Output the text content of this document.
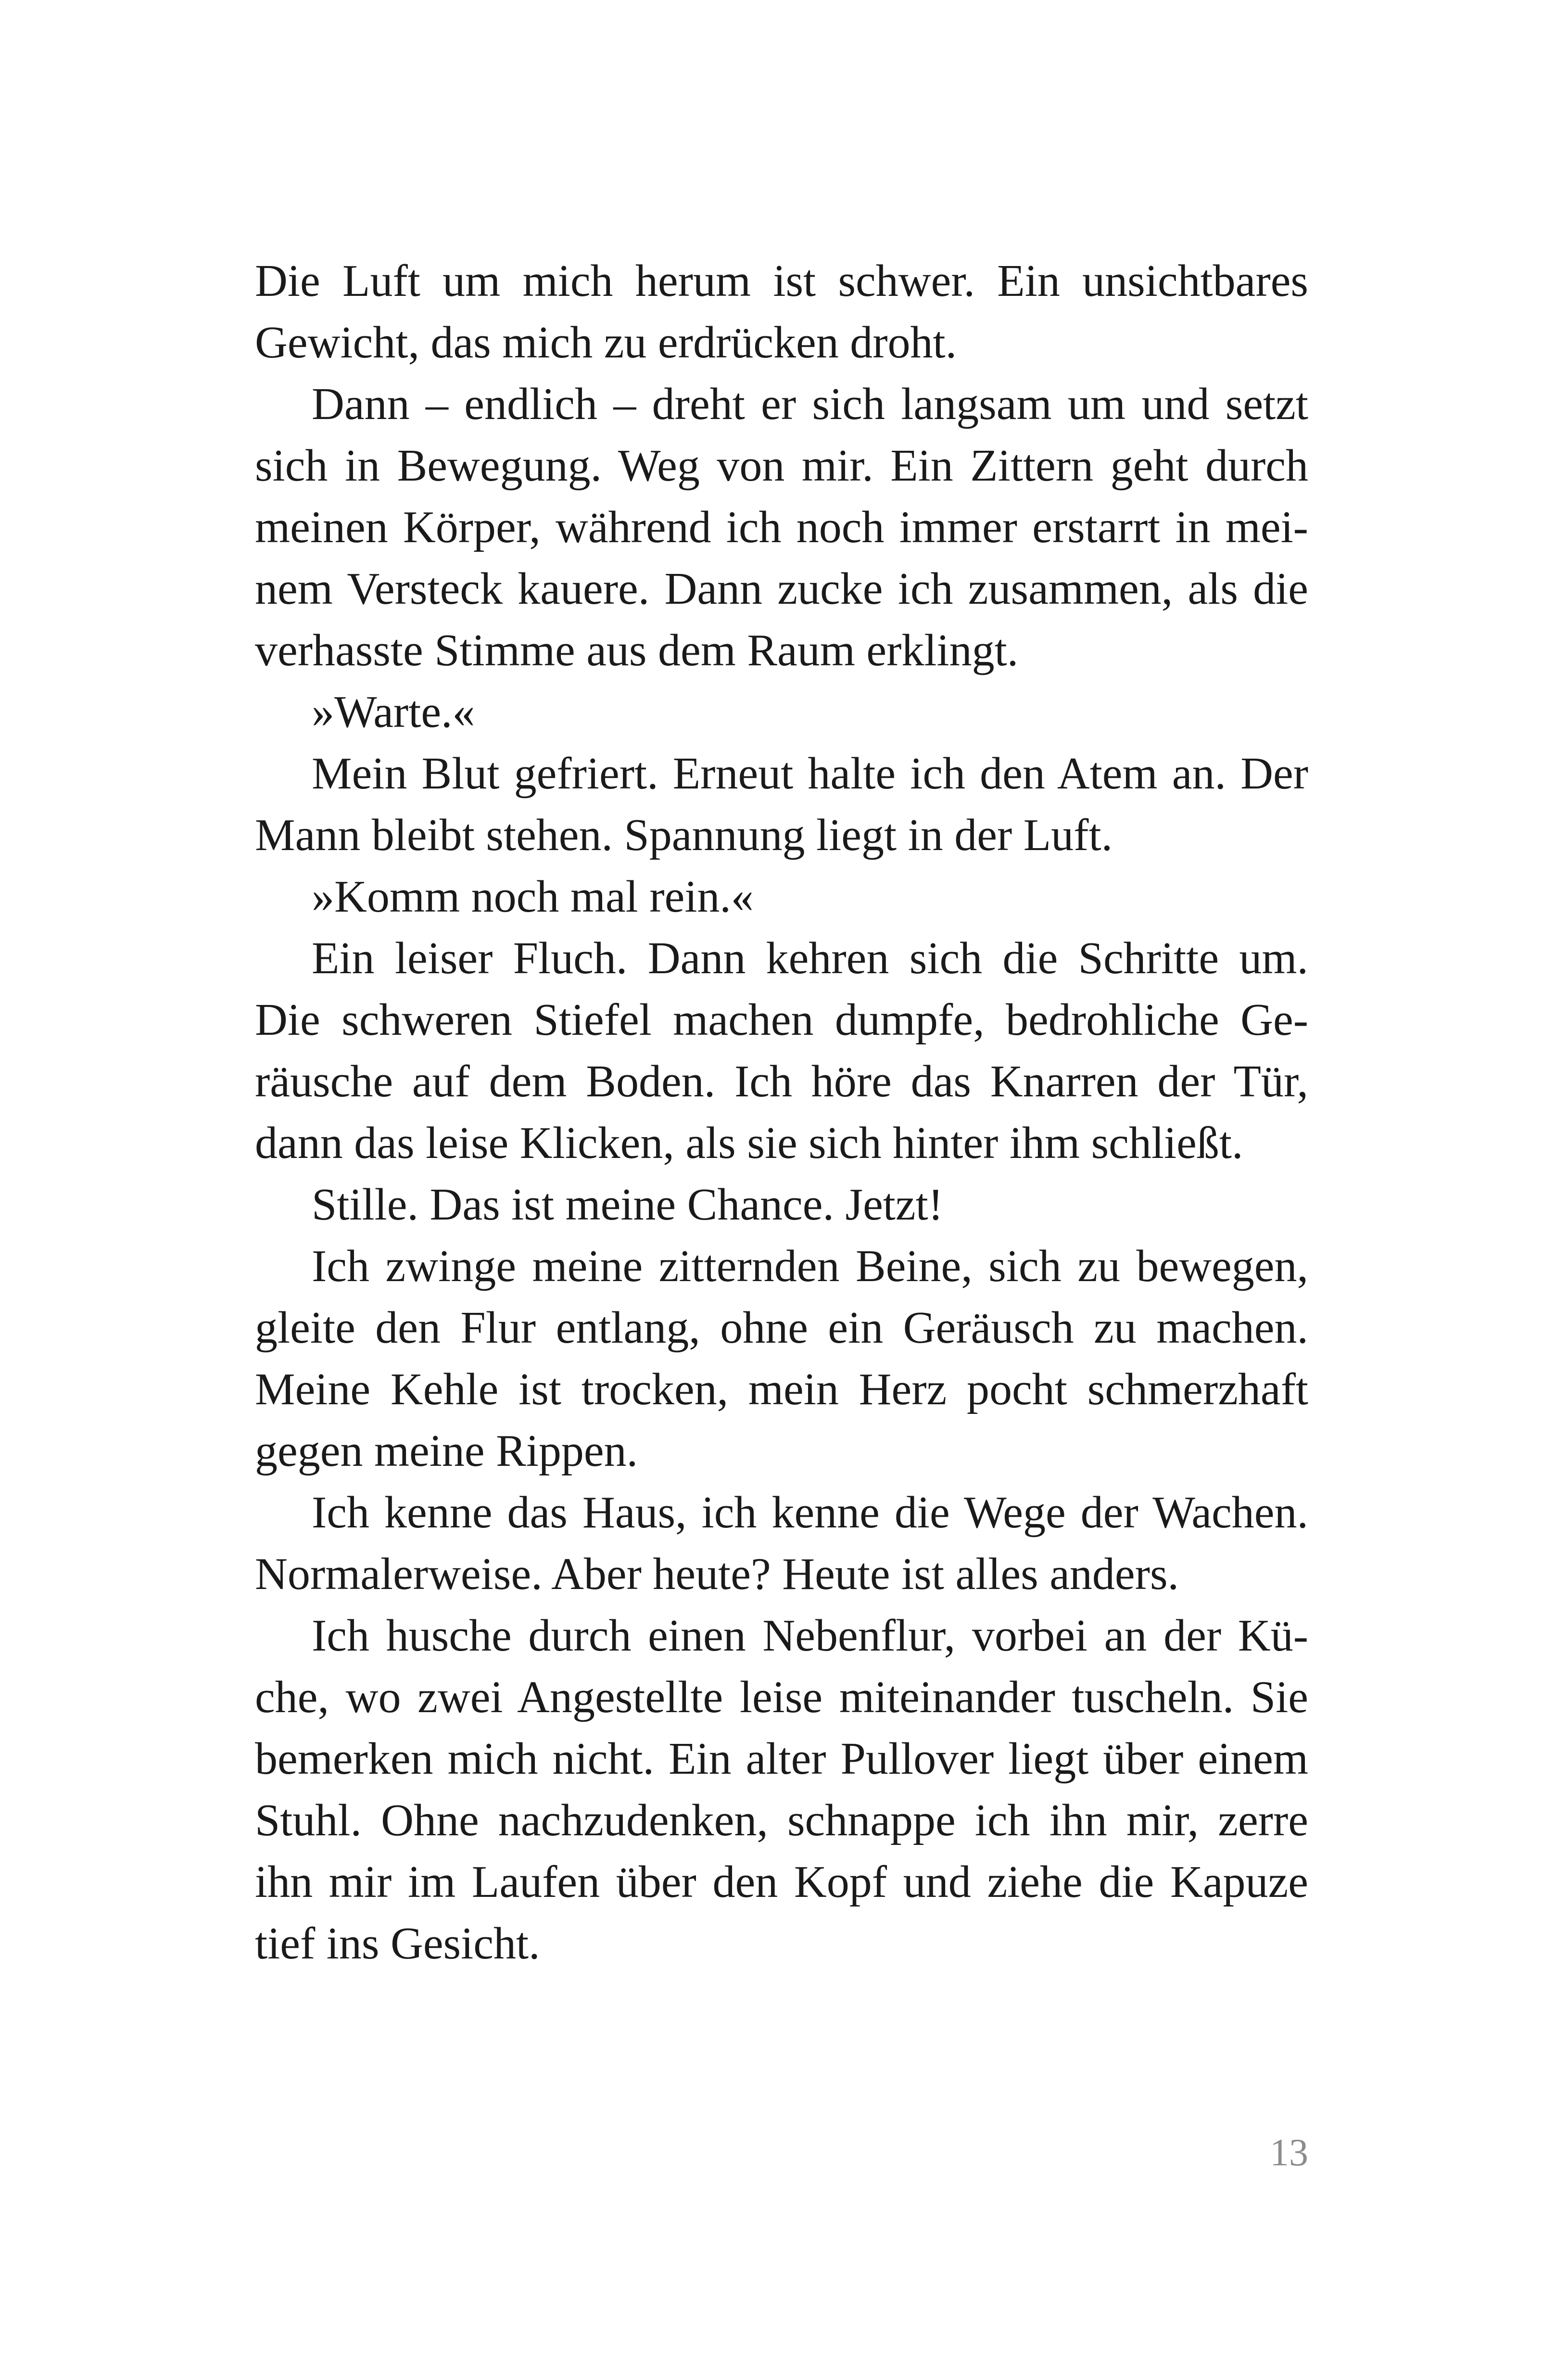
Die Luft um mich herum ist schwer. Ein unsichtbares
Gewicht, das mich zu erdrücken droht.
Dann – endlich – dreht er sich langsam um und setzt
sich in Bewegung. Weg von mir. Ein Zittern geht durch
meinen Körper, während ich noch immer erstarrt in mei-
nem Versteck kauere. Dann zucke ich zusammen, als die
verhasste Stimme aus dem Raum erklingt.
»Warte.«
Mein Blut gefriert. Erneut halte ich den Atem an. Der
Mann bleibt stehen. Spannung liegt in der Luft.
»Komm noch mal rein.«
Ein leiser Fluch. Dann kehren sich die Schritte um.
Die schweren Stiefel machen dumpfe, bedrohliche Ge-
räusche auf dem Boden. Ich höre das Knarren der Tür,
dann das leise Klicken, als sie sich hinter ihm schließt.
Stille. Das ist meine Chance. Jetzt!
Ich zwinge meine zitternden Beine, sich zu bewegen,
gleite den Flur entlang, ohne ein Geräusch zu machen.
Meine Kehle ist trocken, mein Herz pocht schmerzhaft
gegen meine Rippen.
Ich kenne das Haus, ich kenne die Wege der Wachen.
Normalerweise. Aber heute? Heute ist alles anders.
Ich husche durch einen Nebenflur, vorbei an der Kü-
che, wo zwei Angestellte leise miteinander tuscheln. Sie
bemerken mich nicht. Ein alter Pullover liegt über einem
Stuhl. Ohne nachzudenken, schnappe ich ihn mir, zerre
ihn mir im Laufen über den Kopf und ziehe die Kapuze
tief ins Gesicht.
13
